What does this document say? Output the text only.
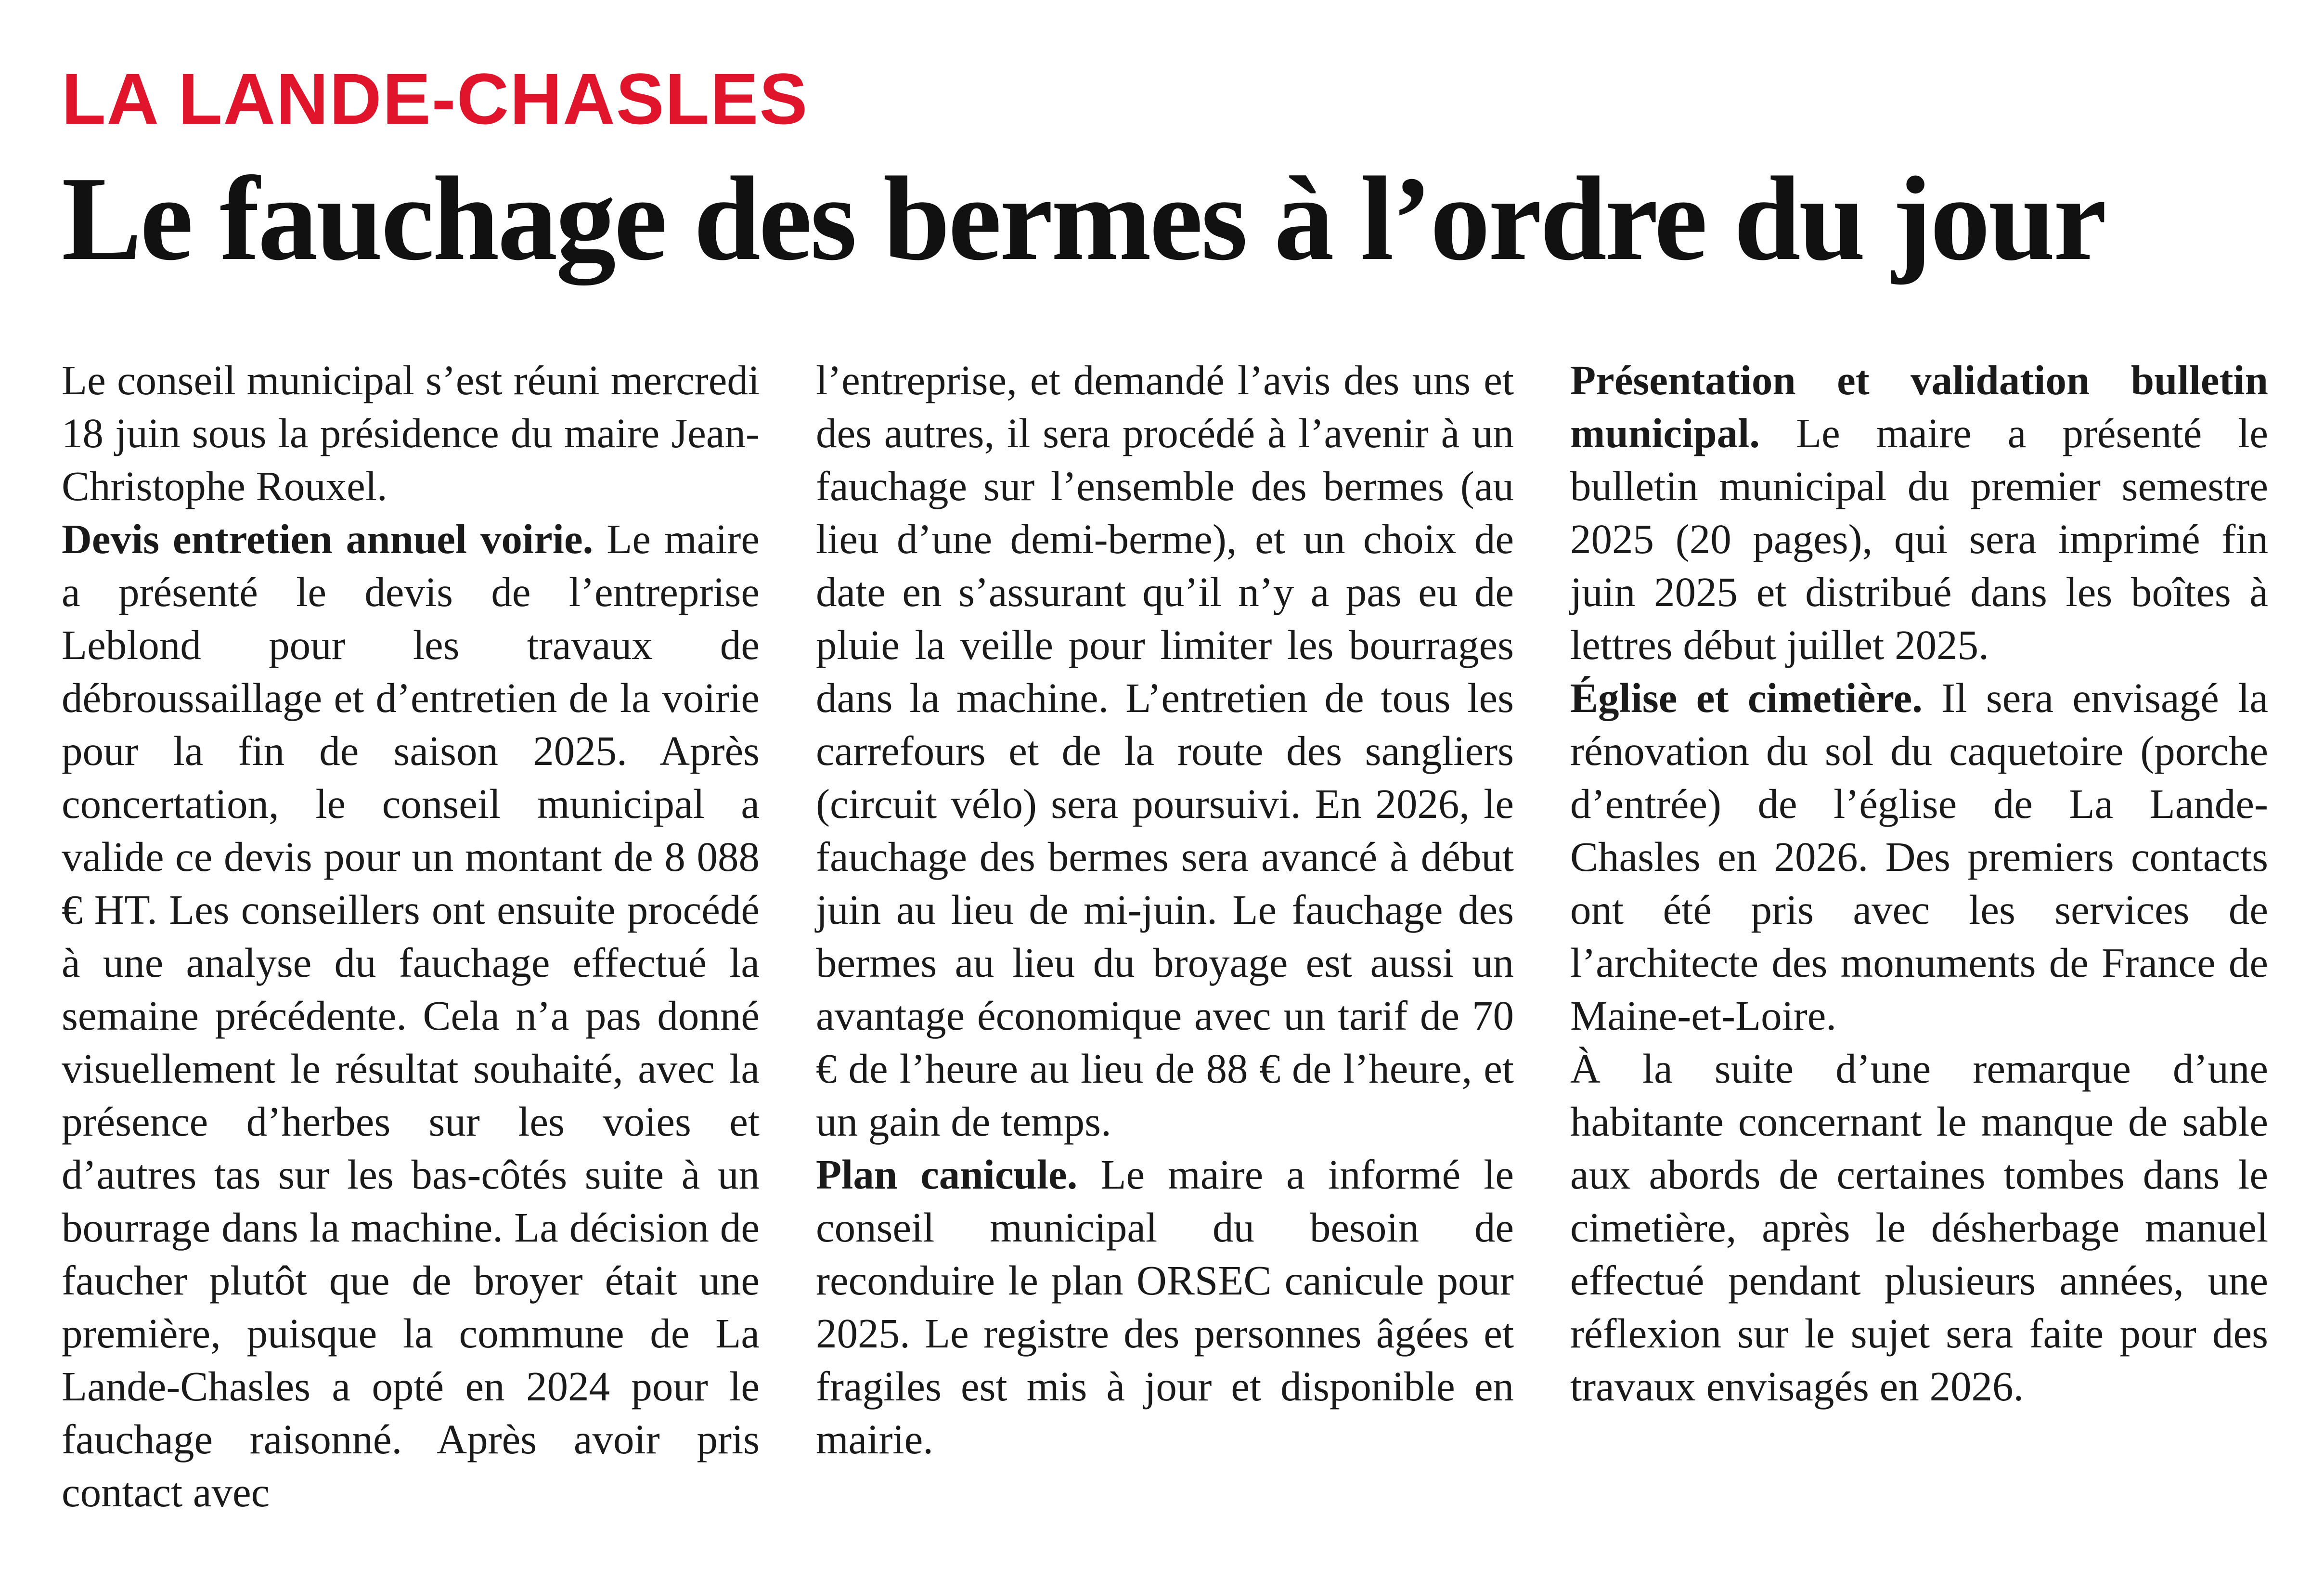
LA LANDE-CHASLES
Le fauchage des bermes à l’ordre du jour

Le conseil municipal s’est réuni mercredi 18 juin sous la présidence du maire Jean-Christophe Rouxel.

Devis entretien annuel voirie. Le maire a présenté le devis de l’entreprise Leblond pour les travaux de débroussaillage et d’entretien de la voirie pour la fin de saison 2025. Après concertation, le conseil municipal a valide ce devis pour un montant de 8 088 € HT. Les conseillers ont ensuite procédé à une analyse du fauchage effectué la semaine précédente. Cela n’a pas donné visuellement le résultat souhaité, avec la présence d’herbes sur les voies et d’autres tas sur les bas-côtés suite à un bourrage dans la machine. La décision de faucher plutôt que de broyer était une première, puisque la commune de La Lande-Chasles a opté en 2024 pour le fauchage raisonné. Après avoir pris contact avec

l’entreprise, et demandé l’avis des uns et des autres, il sera procédé à l’avenir à un fauchage sur l’ensemble des bermes (au lieu d’une demi-berme), et un choix de date en s’assurant qu’il n’y a pas eu de pluie la veille pour limiter les bourrages dans la machine. L’entretien de tous les carrefours et de la route des sangliers (circuit vélo) sera poursuivi. En 2026, le fauchage des bermes sera avancé à début juin au lieu de mi-juin. Le fauchage des bermes au lieu du broyage est aussi un avantage économique avec un tarif de 70 € de l’heure au lieu de 88 € de l’heure, et un gain de temps.

Plan canicule. Le maire a informé le conseil municipal du besoin de reconduire le plan ORSEC canicule pour 2025. Le registre des personnes âgées et fragiles est mis à jour et disponible en mairie.

Présentation et validation bulletin municipal. Le maire a présenté le bulletin municipal du premier semestre 2025 (20 pages), qui sera imprimé fin juin 2025 et distribué dans les boîtes à lettres début juillet 2025.

Église et cimetière. Il sera envisagé la rénovation du sol du caquetoire (porche d’entrée) de l’église de La Lande-Chasles en 2026. Des premiers contacts ont été pris avec les services de l’architecte des monuments de France de Maine-et-Loire.

À la suite d’une remarque d’une habitante concernant le manque de sable aux abords de certaines tombes dans le cimetière, après le désherbage manuel effectué pendant plusieurs années, une réflexion sur le sujet sera faite pour des travaux envisagés en 2026.
